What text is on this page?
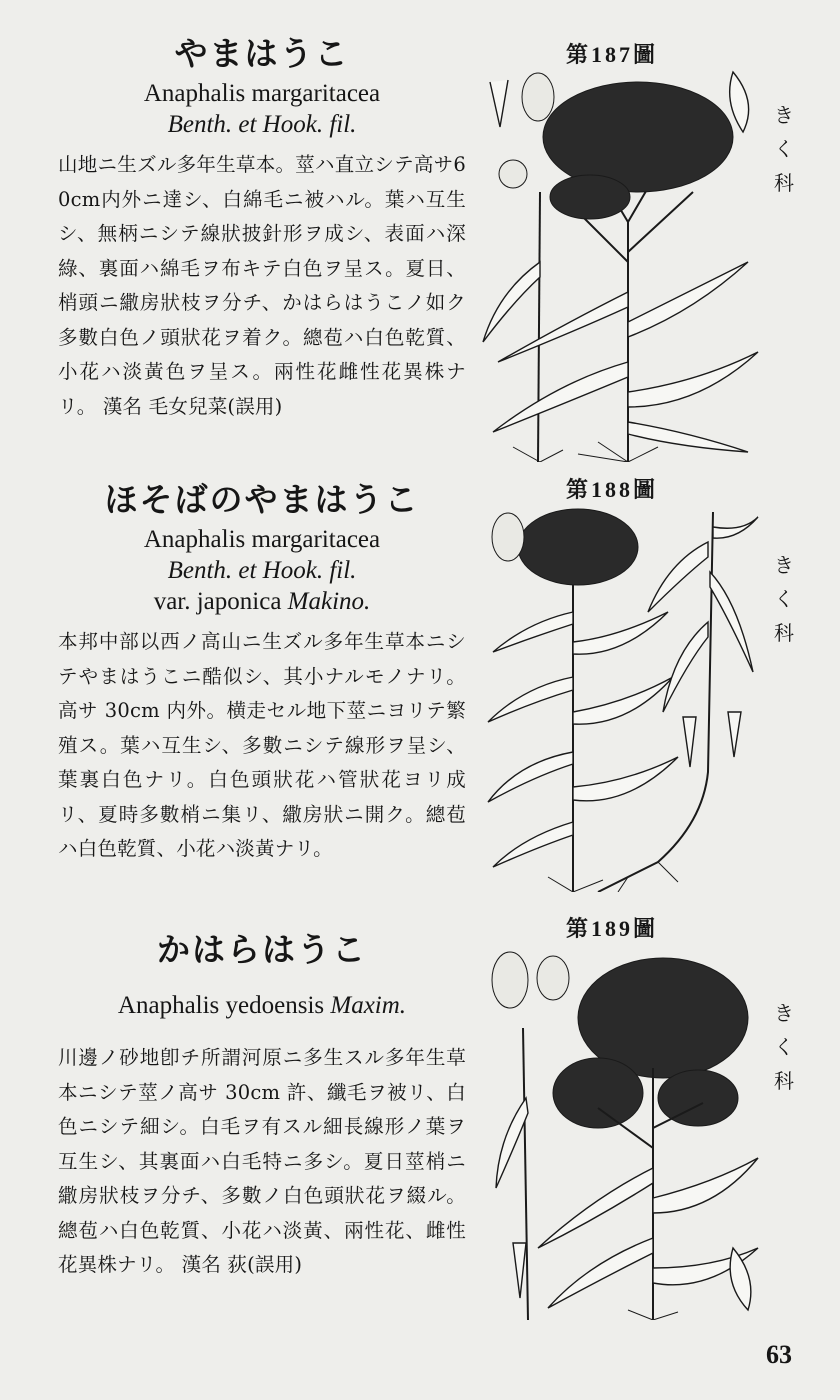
やまはうこ

Anaphalis margaritacea

Benth. et Hook. fil.

山地ニ生ズル多年生草本。莖ハ直立シテ高サ60cm内外ニ達シ、白綿毛ニ被ハル。葉ハ互生シ、無柄ニシテ線狀披針形ヲ成シ、表面ハ深綠、裏面ハ綿毛ヲ布キテ白色ヲ呈ス。夏日、梢頭ニ繖房狀枝ヲ分チ、かはらはうこノ如ク多數白色ノ頭狀花ヲ着ク。總苞ハ白色乾質、小花ハ淡黃色ヲ呈ス。兩性花雌性花異株ナリ。 漢名 毛女兒菜(誤用)

第187圖
き
く
科
ほそばのやまはうこ

Anaphalis margaritacea

Benth. et Hook. fil.

var. japonica Makino.

本邦中部以西ノ高山ニ生ズル多年生草本ニシテやまはうこニ酷似シ、其小ナルモノナリ。高サ 30cm 内外。横走セル地下莖ニヨリテ繁殖ス。葉ハ互生シ、多數ニシテ線形ヲ呈シ、葉裏白色ナリ。白色頭狀花ハ管狀花ヨリ成リ、夏時多數梢ニ集リ、繖房狀ニ開ク。總苞ハ白色乾質、小花ハ淡黃ナリ。

第188圖
き
く
科
かはらはうこ

Anaphalis yedoensis Maxim.

川邊ノ砂地卽チ所謂河原ニ多生スル多年生草本ニシテ莖ノ高サ 30cm 許、纖毛ヲ被リ、白色ニシテ細シ。白毛ヲ有スル細長線形ノ葉ヲ互生シ、其裏面ハ白毛特ニ多シ。夏日莖梢ニ繖房狀枝ヲ分チ、多數ノ白色頭狀花ヲ綴ル。總苞ハ白色乾質、小花ハ淡黃、兩性花、雌性花異株ナリ。 漢名 荻(誤用)

第189圖
き
く
科
63
